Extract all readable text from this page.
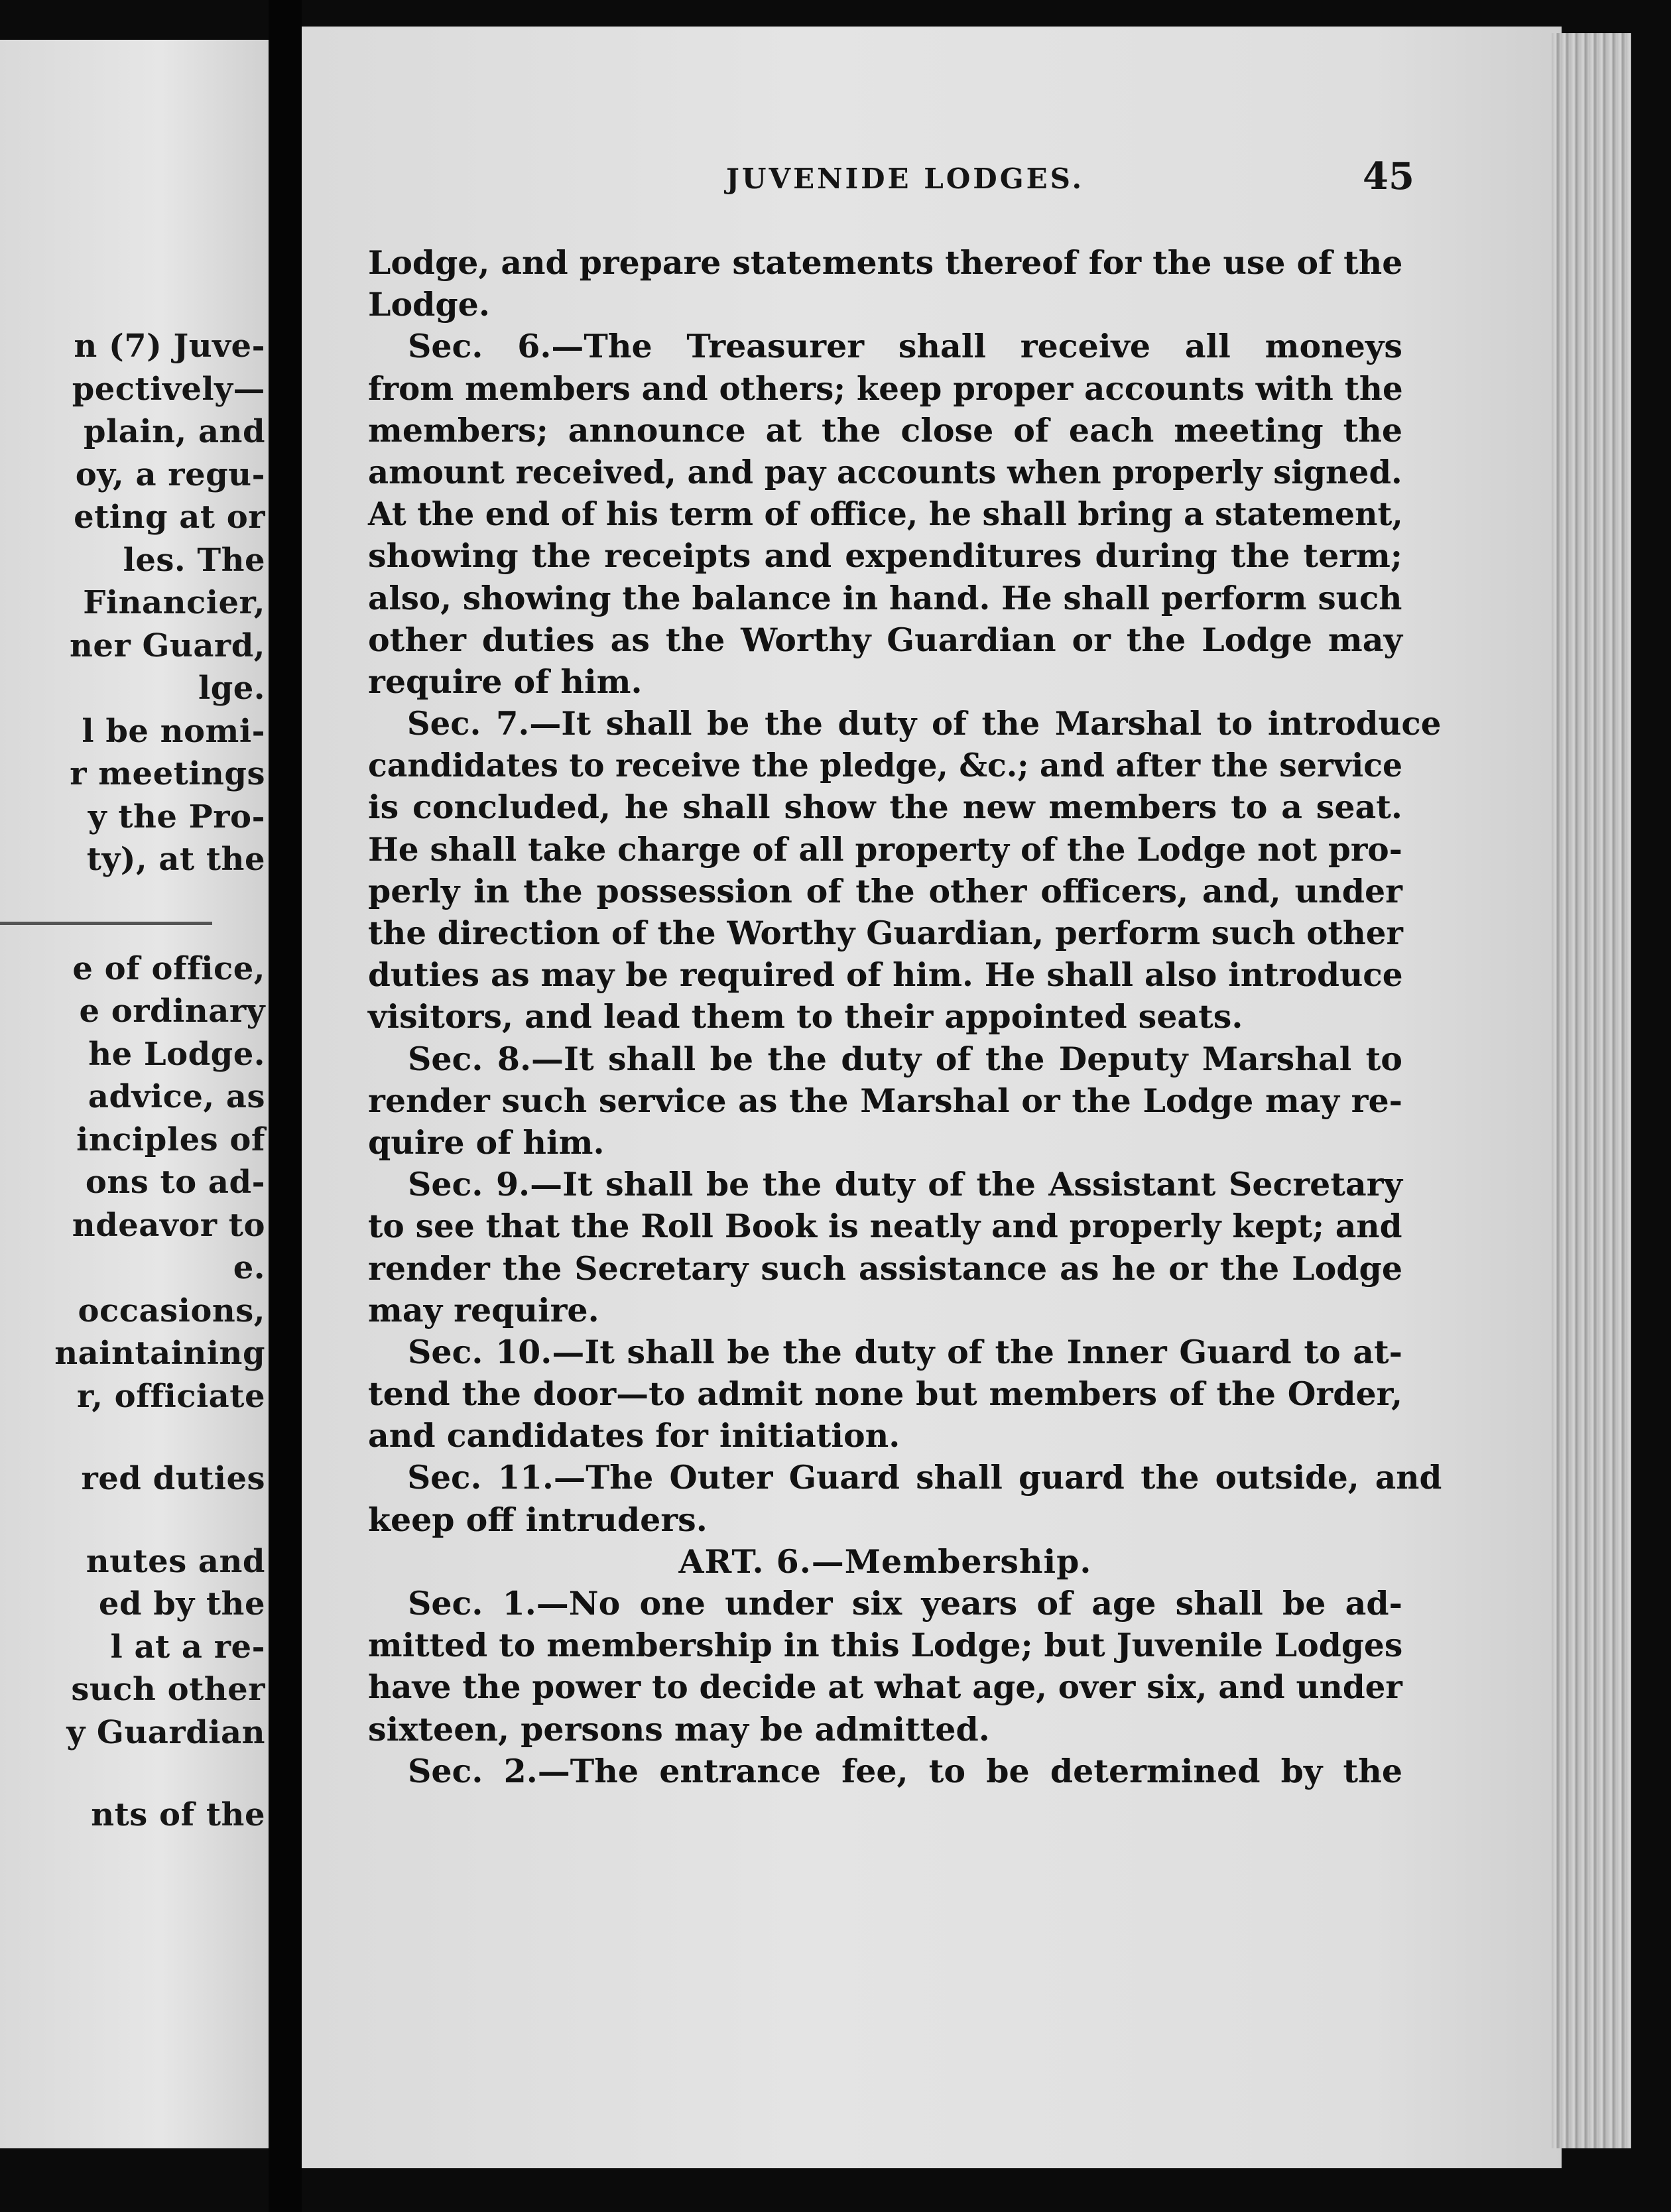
n (7) Juve-
pectively—
plain, and
oy, a regu-
eting at or
les. The
Financier,
ner Guard,
lge.
l be nomi-
r meetings
y the Pro-
ty), at the
e of office,
e ordinary
he Lodge.
advice, as
inciples of
ons to ad-
ndeavor to
e.
occasions,
naintaining
r, officiate
red duties
nutes and
ed by the
l at a re-
such other
y Guardian
nts of the
JUVENIDE LODGES.	45
Lodge, and prepare statements thereof for the use of the
Lodge.
Sec. 6.—The Treasurer shall receive all moneys
from members and others; keep proper accounts with the
members; announce at the close of each meeting the
amount received, and pay accounts when properly signed.
At the end of his term of office, he shall bring a statement,
showing the receipts and expenditures during the term;
also, showing the balance in hand. He shall perform such
other duties as the Worthy Guardian or the Lodge may
require of him.
Sec. 7.—It shall be the duty of the Marshal to introduce
candidates to receive the pledge, &c.; and after the service
is concluded, he shall show the new members to a seat.
He shall take charge of all property of the Lodge not pro-
perly in the possession of the other officers, and, under
the direction of the Worthy Guardian, perform such other
duties as may be required of him. He shall also introduce
visitors, and lead them to their appointed seats.
Sec. 8.—It shall be the duty of the Deputy Marshal to
render such service as the Marshal or the Lodge may re-
quire of him.
Sec. 9.—It shall be the duty of the Assistant Secretary
to see that the Roll Book is neatly and properly kept; and
render the Secretary such assistance as he or the Lodge
may require.
Sec. 10.—It shall be the duty of the Inner Guard to at-
tend the door—to admit none but members of the Order,
and candidates for initiation.
Sec. 11.—The Outer Guard shall guard the outside, and
keep off intruders.
ART. 6.—Membership.
Sec. 1.—No one under six years of age shall be ad-
mitted to membership in this Lodge; but Juvenile Lodges
have the power to decide at what age, over six, and under
sixteen, persons may be admitted.
Sec. 2.—The entrance fee, to be determined by the
